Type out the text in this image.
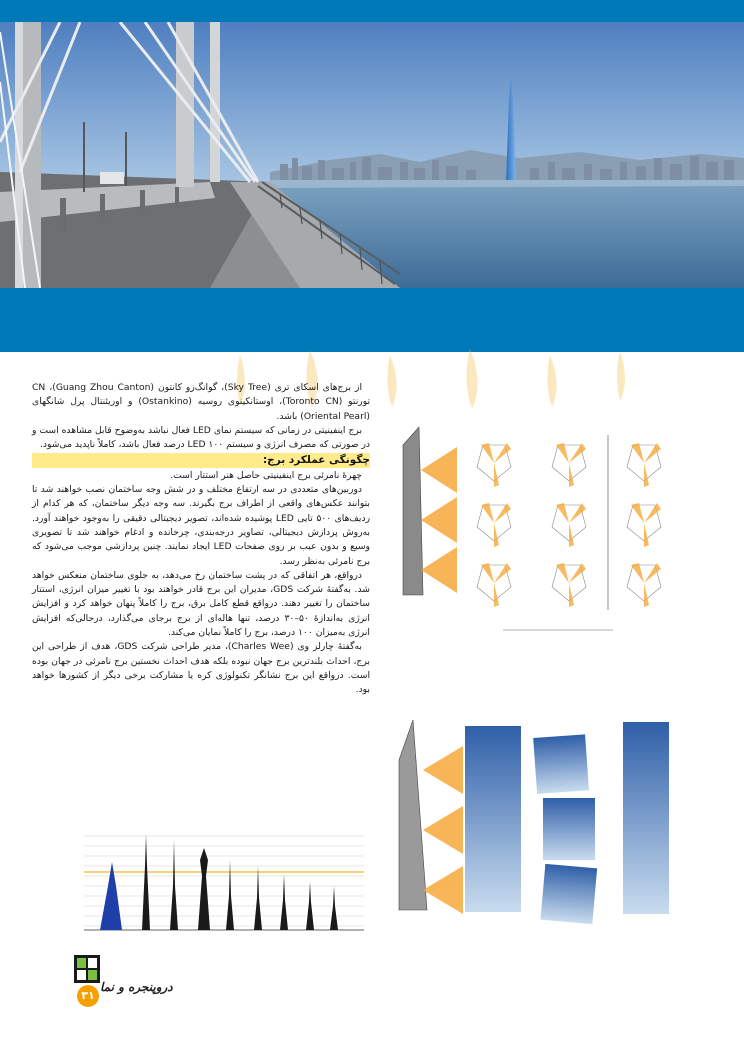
از برج‌های اسکای تری (Sky Tree)، گوانگ‌زو کانتون (Guang Zhou Canton)، CN تورنتو (Toronto CN)، اوستانکینوی روسیه (Ostankino) و اوریئنتال پرل شانگهای (Oriental Pearl) باشد.

برج اینفینیتی در زمانی که سیستم نمای LED فعال نباشد به‌وضوح قابل مشاهده است و در صورتی که مصرف انرژی و سیستم LED ۱۰۰ درصد فعال باشد، کاملاً ناپدید می‌شود.

چگونگی عملکرد برج:

چهرهٔ نامرئی برج اینفینیتی حاصل هنر استتار است.

دوربین‌های متعددی در سه ارتفاع مختلف و در شش وجه ساختمان نصب خواهند شد تا بتوانند عکس‌های واقعی از اطراف برج بگیرند. سه وجه دیگر ساختمان، که هر کدام از ردیف‌های ۵۰۰ تایی LED پوشیده شده‌اند، تصویر دیجیتالی دقیقی را به‌وجود خواهند آورد. به‌روش پردازش دیجیتالی، تصاویر درجه‌بندی، چرخانده و ادغام خواهند شد تا تصویری وسیع و بدون عیب بر روی صفحات LED ایجاد نمایند. چنین پردازشی موجب می‌شود که برج نامرئی به‌نظر رسد.

درواقع، هر اتفاقی که در پشت ساختمان رخ می‌دهد، به جلوی ساختمان منعکس خواهد شد. به‌گفتهٔ شرکت GDS، مدیران این برج قادر خواهند بود با تغییر میزان انرژی، استتار ساختمان را تغییر دهند. درواقع قطع کامل برق، برج را کاملاً پنهان خواهد کرد و افزایش انرژی به‌اندازهٔ ۵۰–۳۰ درصد، تنها هاله‌ای از برج برجای می‌گذارد، درحالی‌که افزایش انرژی به‌میزان ۱۰۰ درصد، برج را کاملاً نمایان می‌کند.

به‌گفتهٔ چارلز وی (Charles Wee)، مدیر طراحی شرکت GDS، هدف از طراحی این برج، احداث بلندترین برج جهان نبوده بلکه هدف احداث نخستین برج نامرئی در جهان بوده است. درواقع این برج نشانگر تکنولوژی کره یا مشارکت برخی دیگر از کشورها خواهد بود.

۳۱
دروپنجره و نما
